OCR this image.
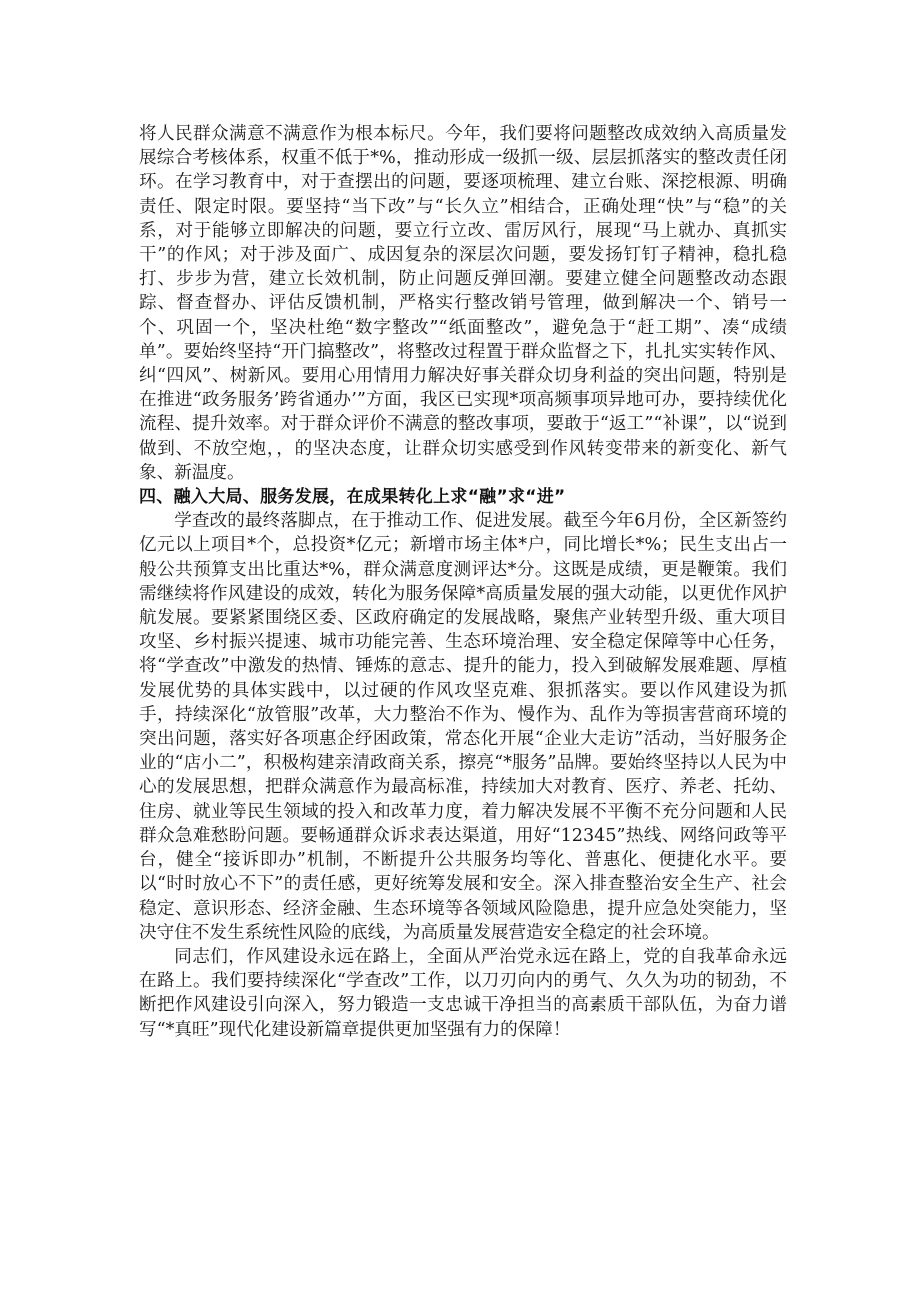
将人民群众满意不满意作为根本标尺。今年，我们要将问题整改成效纳入高质量发展综合考核体系，权重不低于*%，推动形成一级抓一级、层层抓落实的整改责任闭环。在学习教育中，对于查摆出的问题，要逐项梳理、建立台账、深挖根源、明确责任、限定时限。要坚持“当下改”与“长久立”相结合，正确处理“快”与“稳”的关系，对于能够立即解决的问题，要立行立改、雷厉风行，展现“马上就办、真抓实干”的作风；对于涉及面广、成因复杂的深层次问题，要发扬钉钉子精神，稳扎稳打、步步为营，建立长效机制，防止问题反弹回潮。要建立健全问题整改动态跟踪、督查督办、评估反馈机制，严格实行整改销号管理，做到解决一个、销号一个、巩固一个，坚决杜绝“数字整改”“纸面整改”，避免急于“赶工期”、凑“成绩单”。要始终坚持“开门搞整改”，将整改过程置于群众监督之下，扎扎实实转作风、纠“四风”、树新风。要用心用情用力解决好事关群众切身利益的突出问题，特别是在推进“政务服务’跨省通办’”方面，我区已实现*项高频事项异地可办，要持续优化流程、提升效率。对于群众评价不满意的整改事项，要敢于“返工”“补课”，以“说到做到、不放空炮，，的坚决态度，让群众切实感受到作风转变带来的新变化、新气象、新温度。

四、融入大局、服务发展，在成果转化上求“融”求“进”

学查改的最终落脚点，在于推动工作、促进发展。截至今年6月份，全区新签约亿元以上项目*个，总投资*亿元；新增市场主体*户，同比增长*%；民生支出占一般公共预算支出比重达*%，群众满意度测评达*分。这既是成绩，更是鞭策。我们需继续将作风建设的成效，转化为服务保障*高质量发展的强大动能，以更优作风护航发展。要紧紧围绕区委、区政府确定的发展战略，聚焦产业转型升级、重大项目攻坚、乡村振兴提速、城市功能完善、生态环境治理、安全稳定保障等中心任务，将“学查改”中激发的热情、锤炼的意志、提升的能力，投入到破解发展难题、厚植发展优势的具体实践中，以过硬的作风攻坚克难、狠抓落实。要以作风建设为抓手，持续深化“放管服”改革，大力整治不作为、慢作为、乱作为等损害营商环境的突出问题，落实好各项惠企纾困政策，常态化开展“企业大走访”活动，当好服务企业的“店小二”，积极构建亲清政商关系，擦亮“*服务”品牌。要始终坚持以人民为中心的发展思想，把群众满意作为最高标准，持续加大对教育、医疗、养老、托幼、住房、就业等民生领域的投入和改革力度，着力解决发展不平衡不充分问题和人民群众急难愁盼问题。要畅通群众诉求表达渠道，用好“12345”热线、网络问政等平台，健全“接诉即办”机制，不断提升公共服务均等化、普惠化、便捷化水平。要以“时时放心不下”的责任感，更好统筹发展和安全。深入排查整治安全生产、社会稳定、意识形态、经济金融、生态环境等各领域风险隐患，提升应急处突能力，坚决守住不发生系统性风险的底线，为高质量发展营造安全稳定的社会环境。

同志们，作风建设永远在路上，全面从严治党永远在路上，党的自我革命永远在路上。我们要持续深化“学查改”工作，以刀刃向内的勇气、久久为功的韧劲，不断把作风建设引向深入，努力锻造一支忠诚干净担当的高素质干部队伍，为奋力谱写“*真旺”现代化建设新篇章提供更加坚强有力的保障！
